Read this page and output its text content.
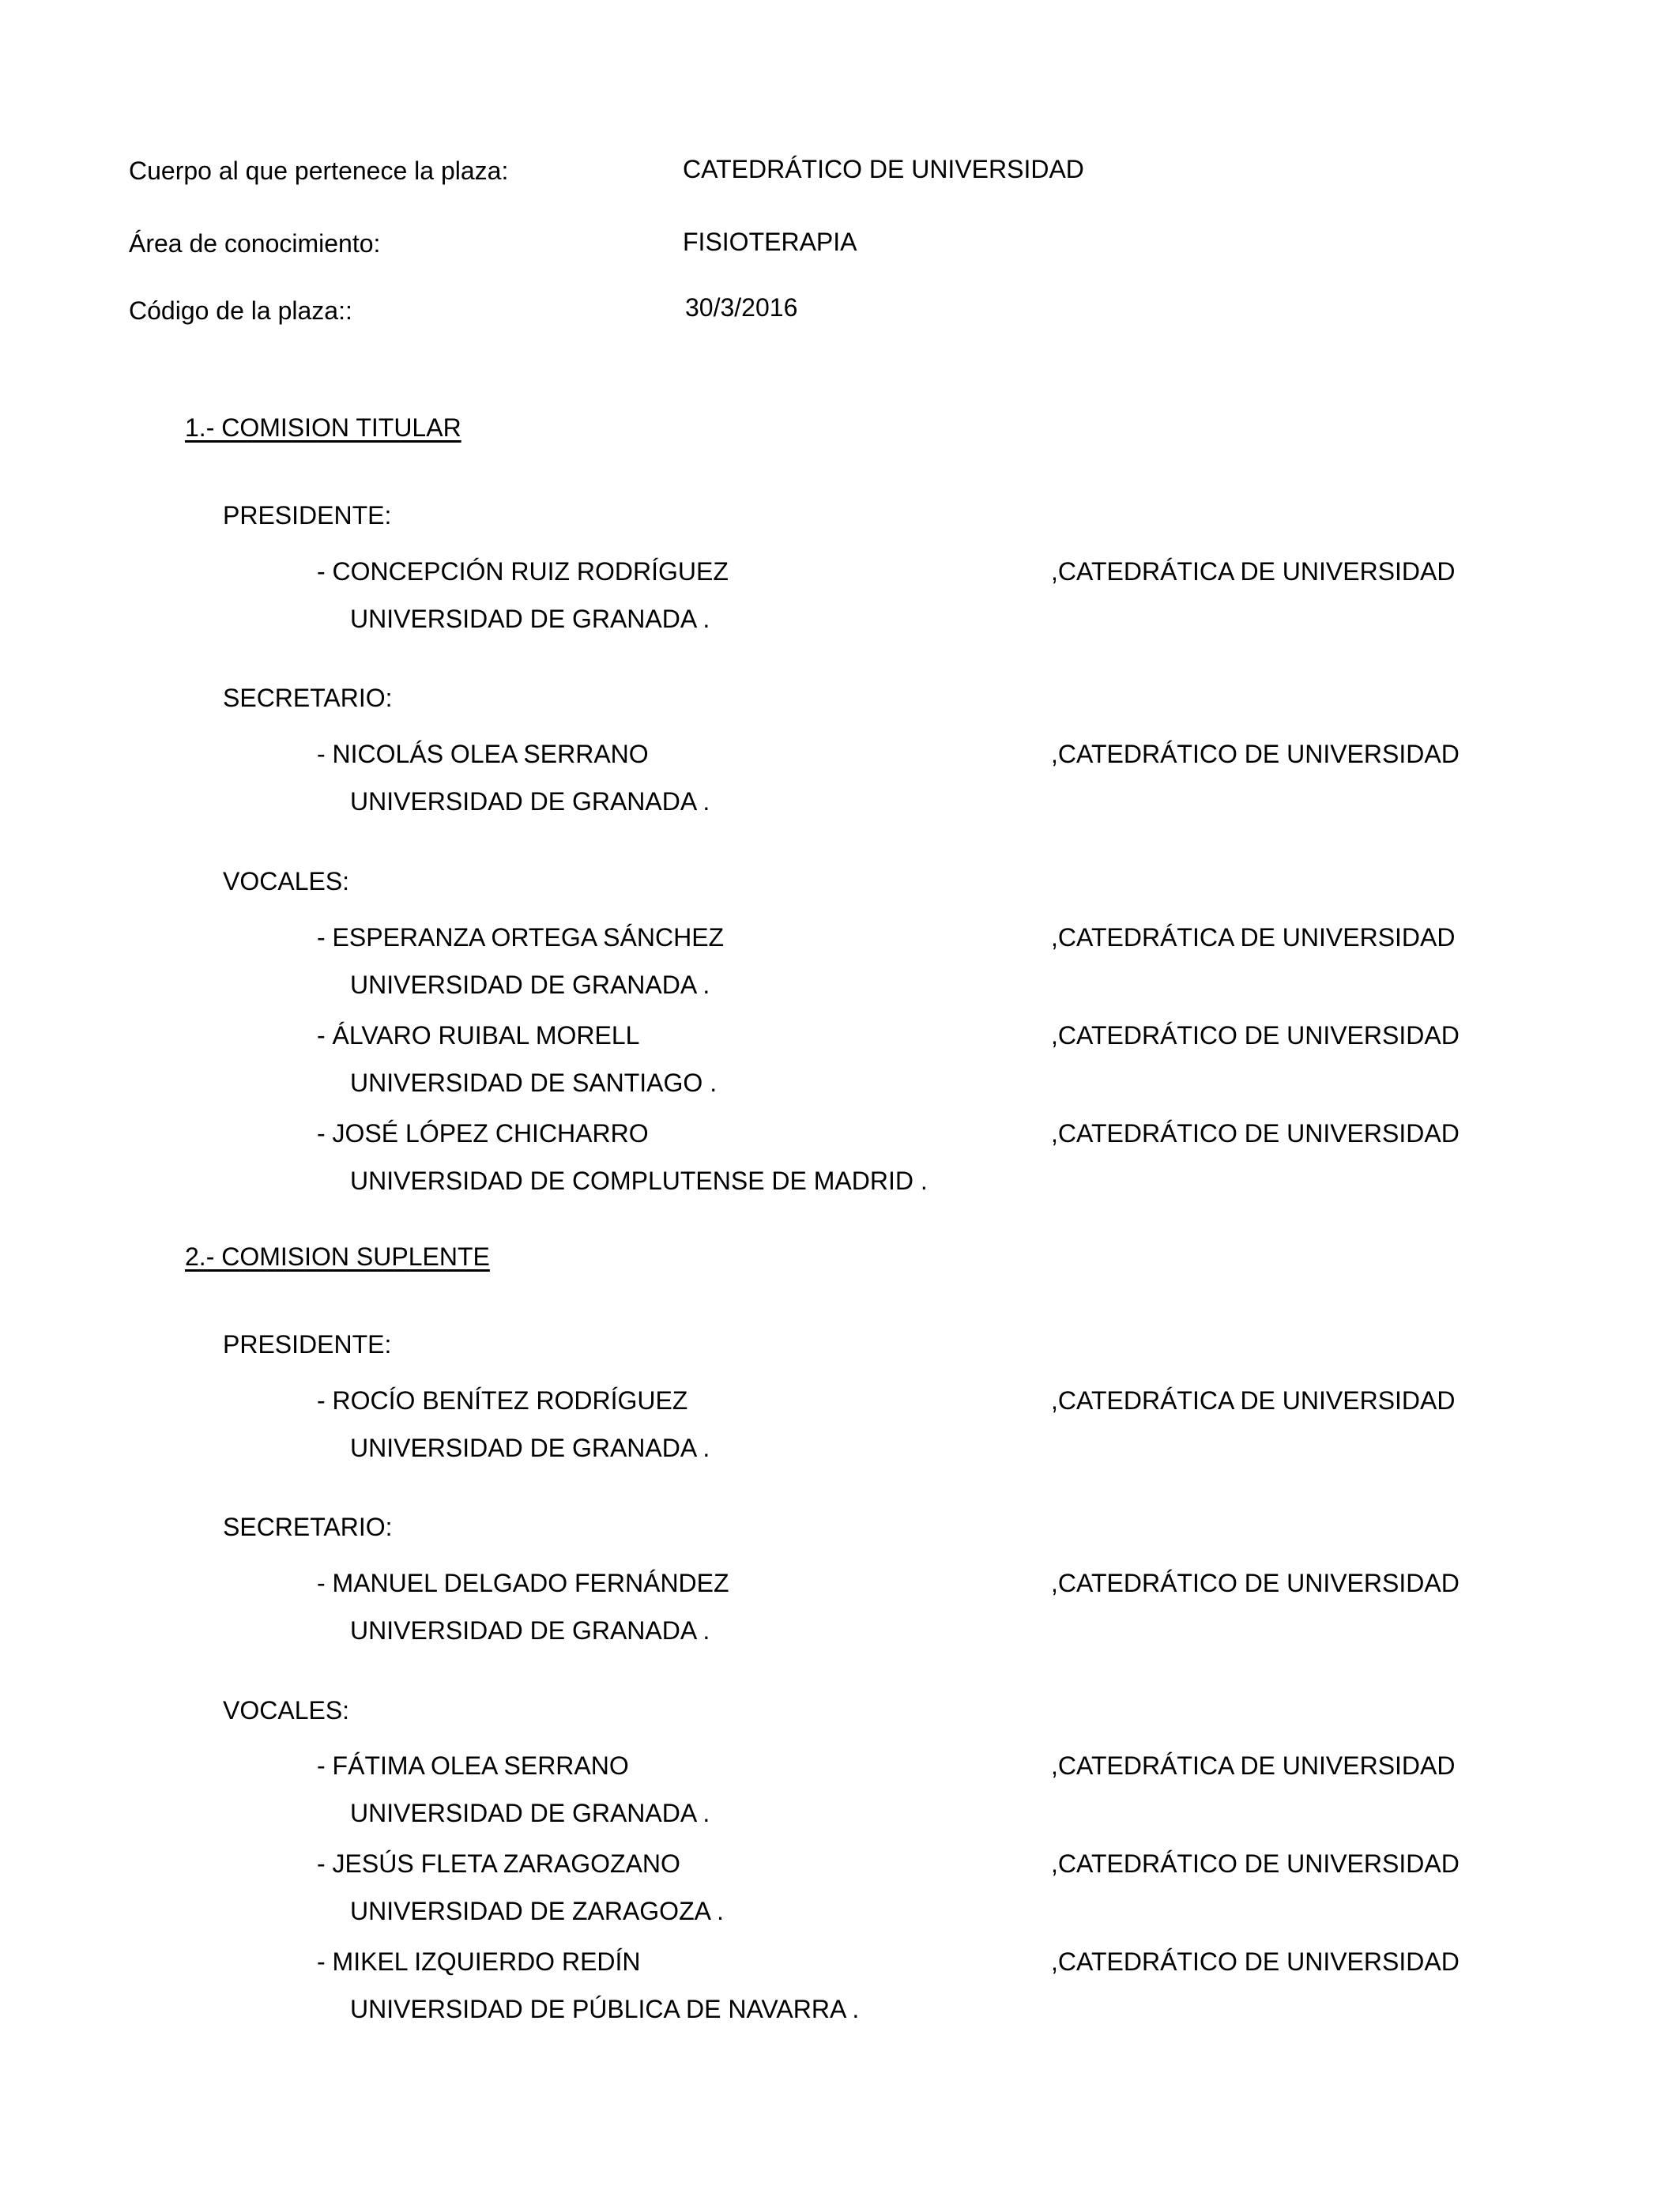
Cuerpo al que pertenece la plaza:	CATEDRÁTICO DE UNIVERSIDAD
Área de conocimiento:	FISIOTERAPIA
Código de la plaza::	30/3/2016
1.- COMISION TITULAR
PRESIDENTE:
- CONCEPCIÓN RUIZ RODRÍGUEZ	,CATEDRÁTICA DE UNIVERSIDAD
UNIVERSIDAD DE GRANADA .
SECRETARIO:
- NICOLÁS OLEA SERRANO	,CATEDRÁTICO DE UNIVERSIDAD
UNIVERSIDAD DE GRANADA .
VOCALES:
- ESPERANZA ORTEGA SÁNCHEZ	,CATEDRÁTICA DE UNIVERSIDAD
UNIVERSIDAD DE GRANADA .
- ÁLVARO RUIBAL MORELL	,CATEDRÁTICO DE UNIVERSIDAD
UNIVERSIDAD DE SANTIAGO .
- JOSÉ LÓPEZ CHICHARRO	,CATEDRÁTICO DE UNIVERSIDAD
UNIVERSIDAD DE COMPLUTENSE DE MADRID .
2.- COMISION SUPLENTE
PRESIDENTE:
- ROCÍO BENÍTEZ RODRÍGUEZ	,CATEDRÁTICA DE UNIVERSIDAD
UNIVERSIDAD DE GRANADA .
SECRETARIO:
- MANUEL DELGADO FERNÁNDEZ	,CATEDRÁTICO DE UNIVERSIDAD
UNIVERSIDAD DE GRANADA .
VOCALES:
- FÁTIMA OLEA SERRANO	,CATEDRÁTICA DE UNIVERSIDAD
UNIVERSIDAD DE GRANADA .
- JESÚS FLETA ZARAGOZANO	,CATEDRÁTICO DE UNIVERSIDAD
UNIVERSIDAD DE ZARAGOZA .
- MIKEL IZQUIERDO REDÍN	,CATEDRÁTICO DE UNIVERSIDAD
UNIVERSIDAD DE PÚBLICA DE NAVARRA .
